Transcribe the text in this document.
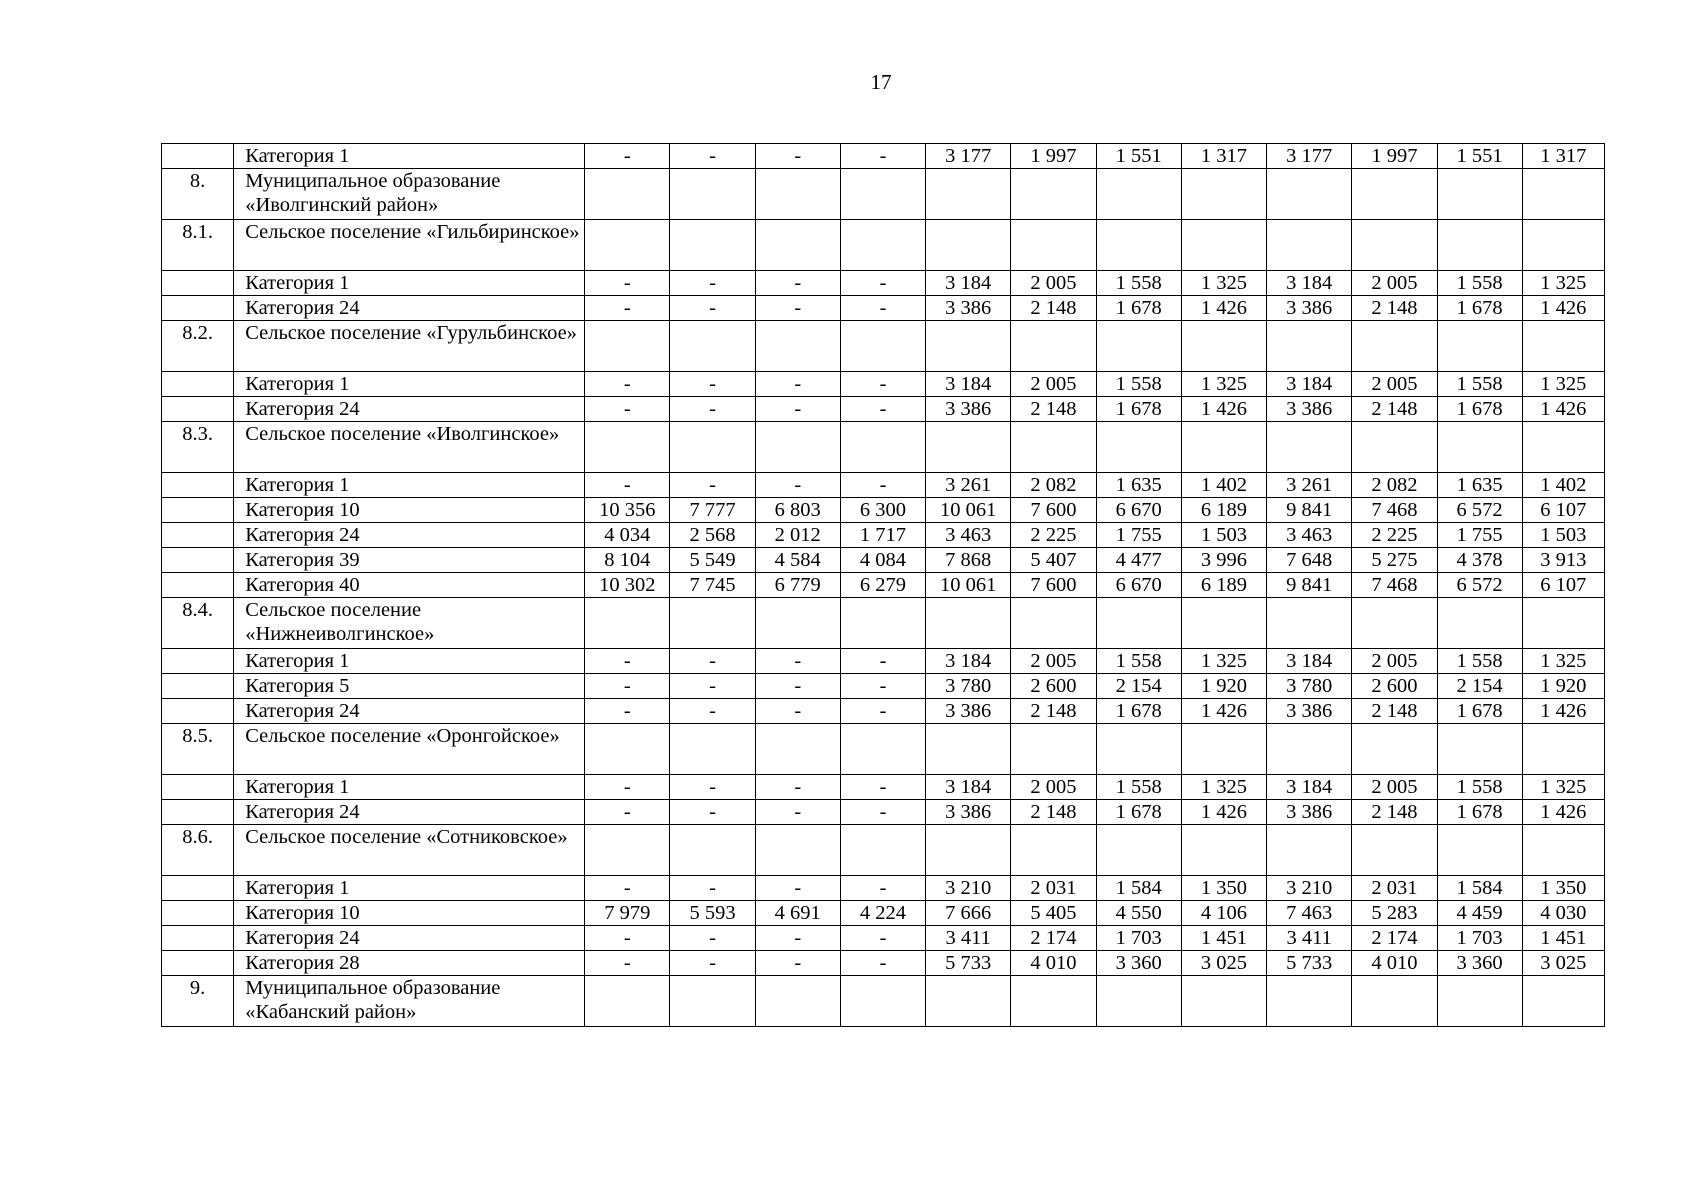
17
	Категория 1	-	-	-	-	3 177	1 997	1 551	1 317	3 177	1 997	1 551	1 317
8.	Муниципальное образование «Иволгинский район»												
8.1.	Сельское поселение «Гильбиринское»												
	Категория 1	-	-	-	-	3 184	2 005	1 558	1 325	3 184	2 005	1 558	1 325
	Категория 24	-	-	-	-	3 386	2 148	1 678	1 426	3 386	2 148	1 678	1 426
8.2.	Сельское поселение «Гурульбинское»												
	Категория 1	-	-	-	-	3 184	2 005	1 558	1 325	3 184	2 005	1 558	1 325
	Категория 24	-	-	-	-	3 386	2 148	1 678	1 426	3 386	2 148	1 678	1 426
8.3.	Сельское поселение «Иволгинское»												
	Категория 1	-	-	-	-	3 261	2 082	1 635	1 402	3 261	2 082	1 635	1 402
	Категория 10	10 356	7 777	6 803	6 300	10 061	7 600	6 670	6 189	9 841	7 468	6 572	6 107
	Категория 24	4 034	2 568	2 012	1 717	3 463	2 225	1 755	1 503	3 463	2 225	1 755	1 503
	Категория 39	8 104	5 549	4 584	4 084	7 868	5 407	4 477	3 996	7 648	5 275	4 378	3 913
	Категория 40	10 302	7 745	6 779	6 279	10 061	7 600	6 670	6 189	9 841	7 468	6 572	6 107
8.4.	Сельское поселение «Нижнеиволгинское»												
	Категория 1	-	-	-	-	3 184	2 005	1 558	1 325	3 184	2 005	1 558	1 325
	Категория 5	-	-	-	-	3 780	2 600	2 154	1 920	3 780	2 600	2 154	1 920
	Категория 24	-	-	-	-	3 386	2 148	1 678	1 426	3 386	2 148	1 678	1 426
8.5.	Сельское поселение «Оронгойское»												
	Категория 1	-	-	-	-	3 184	2 005	1 558	1 325	3 184	2 005	1 558	1 325
	Категория 24	-	-	-	-	3 386	2 148	1 678	1 426	3 386	2 148	1 678	1 426
8.6.	Сельское поселение «Сотниковское»												
	Категория 1	-	-	-	-	3 210	2 031	1 584	1 350	3 210	2 031	1 584	1 350
	Категория 10	7 979	5 593	4 691	4 224	7 666	5 405	4 550	4 106	7 463	5 283	4 459	4 030
	Категория 24	-	-	-	-	3 411	2 174	1 703	1 451	3 411	2 174	1 703	1 451
	Категория 28	-	-	-	-	5 733	4 010	3 360	3 025	5 733	4 010	3 360	3 025
9.	Муниципальное образование «Кабанский район»												
